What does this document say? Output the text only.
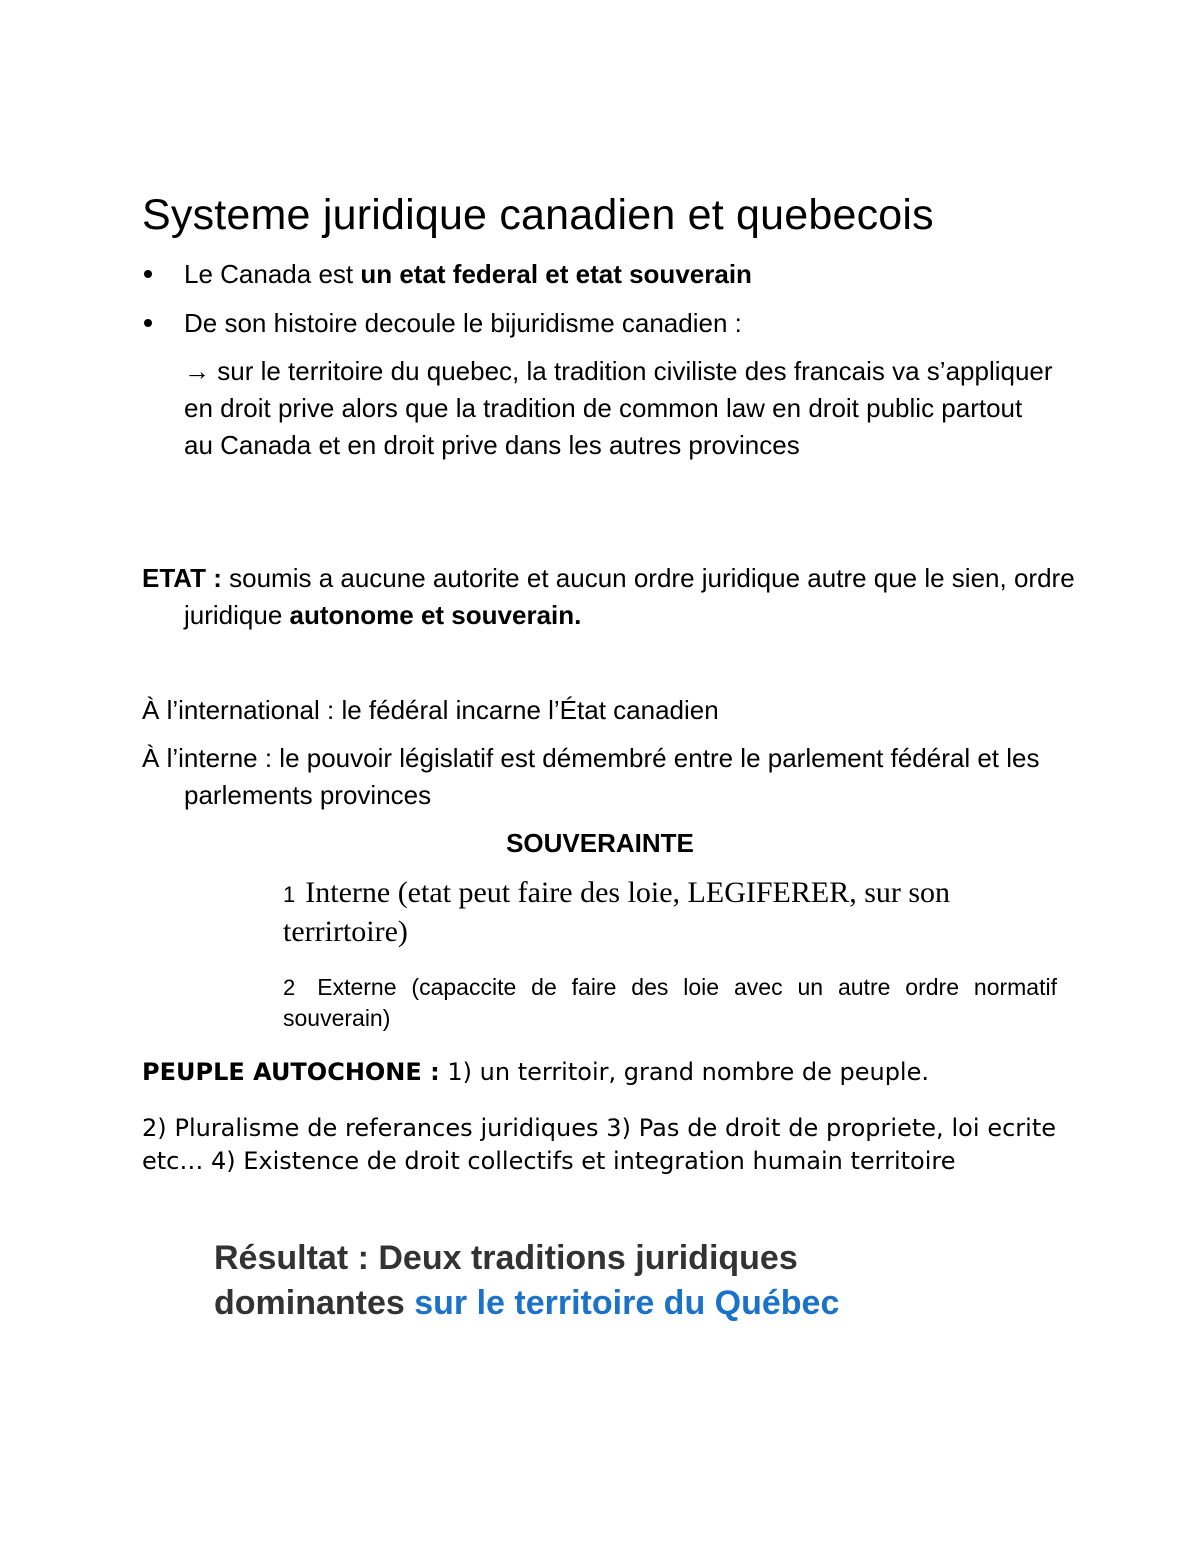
Systeme juridique canadien et quebecois
Le Canada est un etat federal et etat souverain
De son histoire decoule le bijuridisme canadien :
→ sur le territoire du quebec, la tradition civiliste des francais va s’appliquer en droit prive alors que la tradition de common law en droit public partout au Canada et en droit prive dans les autres provinces
ETAT : soumis a aucune autorite et aucun ordre juridique autre que le sien, ordre juridique autonome et souverain.
À l’international : le fédéral incarne l’État canadien
À l’interne : le pouvoir législatif est démembré entre le parlement fédéral et les parlements provinces
SOUVERAINTE
1 Interne (etat peut faire des loie, LEGIFERER, sur son terrirtoire)
2 Externe (capaccite de faire des loie avec un autre ordre normatif souverain)
PEUPLE AUTOCHONE : 1) un territoir, grand nombre de peuple.
2) Pluralisme de referances juridiques 3) Pas de droit de propriete, loi ecrite etc… 4) Existence de droit collectifs et integration humain territoire
Résultat : Deux traditions juridiques dominantes sur le territoire du Québec
